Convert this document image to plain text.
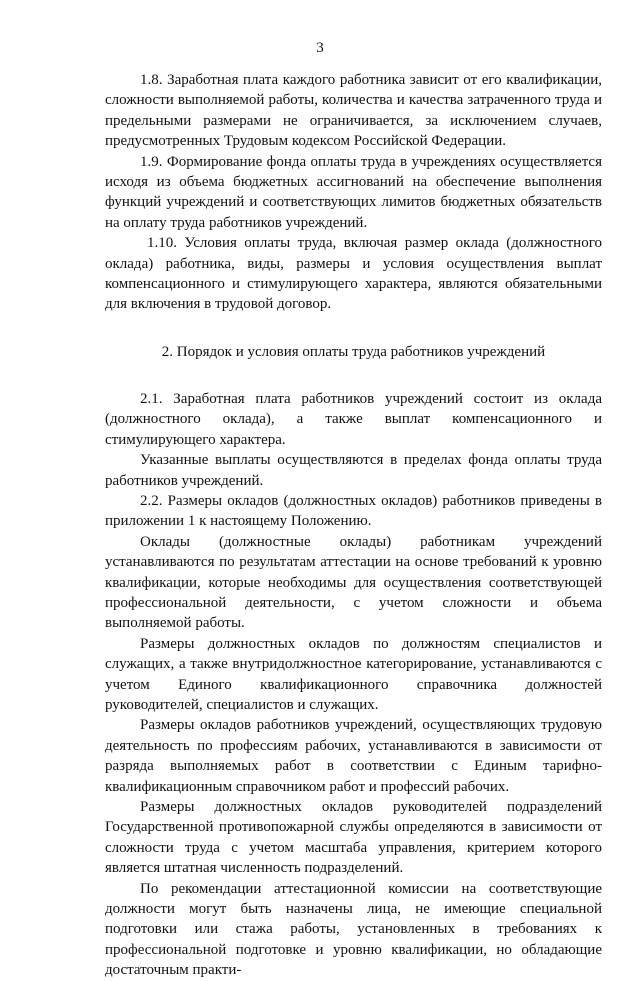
3

1.8. Заработная плата каждого работника зависит от его квалификации, сложности выполняемой работы, количества и качества затраченного труда и предельными размерами не ограничивается, за исключением случаев, предусмотренных Трудовым кодексом Российской Федерации.

1.9. Формирование фонда оплаты труда в учреждениях осуществляется исходя из объема бюджетных ассигнований на обеспечение выполнения функций учреждений и соответствующих лимитов бюджетных обязательств на оплату труда работников учреждений.

1.10. Условия оплаты труда, включая размер оклада (должностного оклада) работника, виды, размеры и условия осуществления выплат компенсационного и стимулирующего характера, являются обязательными для включения в трудовой договор.

2. Порядок и условия оплаты труда работников учреждений

2.1. Заработная плата работников учреждений состоит из оклада (должностного оклада), а также выплат компенсационного и стимулирующего характера.

Указанные выплаты осуществляются в пределах фонда оплаты труда работников учреждений.

2.2. Размеры окладов (должностных окладов) работников приведены в приложении 1 к настоящему Положению.

Оклады (должностные оклады) работникам учреждений устанавливаются по результатам аттестации на основе требований к уровню квалификации, которые необходимы для осуществления соответствующей профессиональной деятельности, с учетом сложности и объема выполняемой работы.

Размеры должностных окладов по должностям специалистов и служащих, а также внутридолжностное категорирование, устанавливаются с учетом Единого квалификационного справочника должностей руководителей, специалистов и служащих.

Размеры окладов работников учреждений, осуществляющих трудовую деятельность по профессиям рабочих, устанавливаются в зависимости от разряда выполняемых работ в соответствии с Единым тарифно-квалификационным справочником работ и профессий рабочих.

Размеры должностных окладов руководителей подразделений Государственной противопожарной службы определяются в зависимости от сложности труда с учетом масштаба управления, критерием которого является штатная численность подразделений.

По рекомендации аттестационной комиссии на соответствующие должности могут быть назначены лица, не имеющие специальной подготовки или стажа работы, установленных в требованиях к профессиональной подготовке и уровню квалификации, но обладающие достаточным практи-
